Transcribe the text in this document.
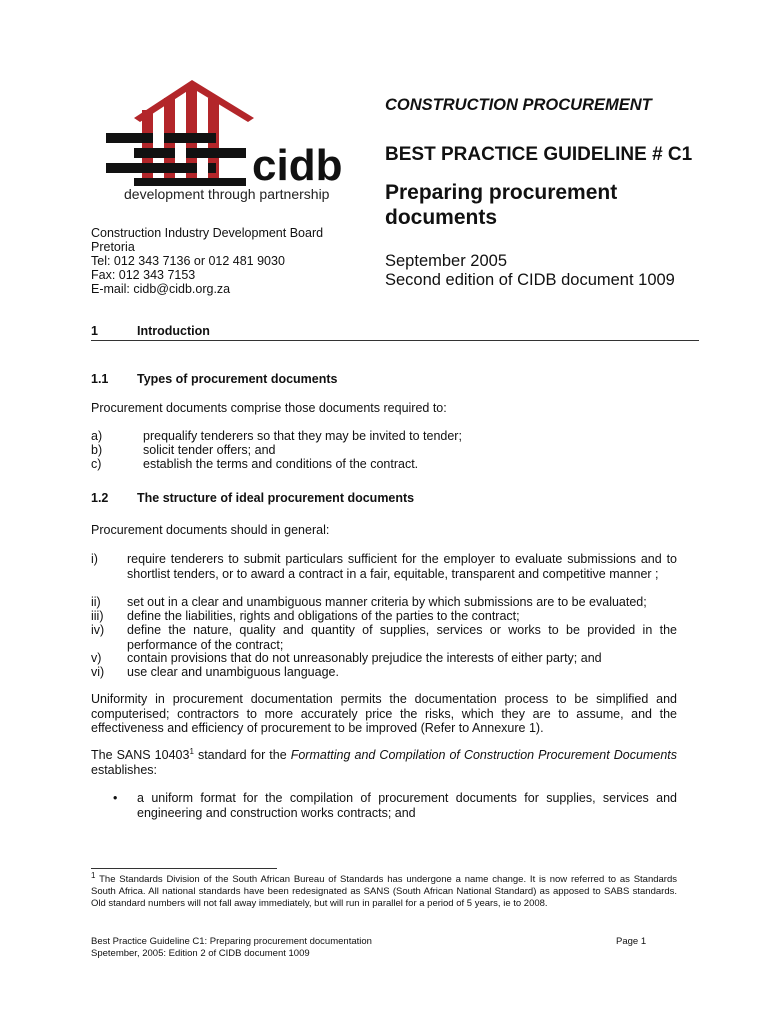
cidb
development through partnership
Construction Industry Development Board
Pretoria
Tel: 012 343 7136 or 012 481 9030
Fax: 012 343 7153
E-mail: cidb@cidb.org.za
CONSTRUCTION PROCUREMENT
BEST PRACTICE GUIDELINE # C1
Preparing procurement documents
September 2005
Second edition of CIDB document 1009
1	Introduction
1.1 Types of procurement documents
Procurement documents comprise those documents required to:
a)	prequalify tenderers so that they may be invited to tender;
b)	solicit tender offers; and
c)	establish the terms and conditions of the contract.
1.2 The structure of ideal procurement documents
Procurement documents should in general:
i) require tenderers to submit particulars sufficient for the employer to evaluate submissions and to shortlist tenders, or to award a contract in a fair, equitable, transparent and competitive manner ;
ii) set out in a clear and unambiguous manner criteria by which submissions are to be evaluated;
iii) define the liabilities, rights and obligations of the parties to the contract;
iv) define the nature, quality and quantity of supplies, services or works to be provided in the performance of the contract;
v) contain provisions that do not unreasonably prejudice the interests of either party; and
vi) use clear and unambiguous language.
Uniformity in procurement documentation permits the documentation process to be simplified and computerised; contractors to more accurately price the risks, which they are to assume, and the effectiveness and efficiency of procurement to be improved (Refer to Annexure 1).
The SANS 10403$^1$ standard for the Formatting and Compilation of Construction Procurement Documents establishes:
• a uniform format for the compilation of procurement documents for supplies, services and engineering and construction works contracts; and
$^1$ The Standards Division of the South African Bureau of Standards has undergone a name change. It is now referred to as Standards South Africa. All national standards have been redesignated as SANS (South African National Standard) as apposed to SABS standards. Old standard numbers will not fall away immediately, but will run in parallel for a period of 5 years, ie to 2008.
Best Practice Guideline C1: Preparing procurement documentation
Spetember, 2005: Edition 2 of CIDB document 1009
Page 1
